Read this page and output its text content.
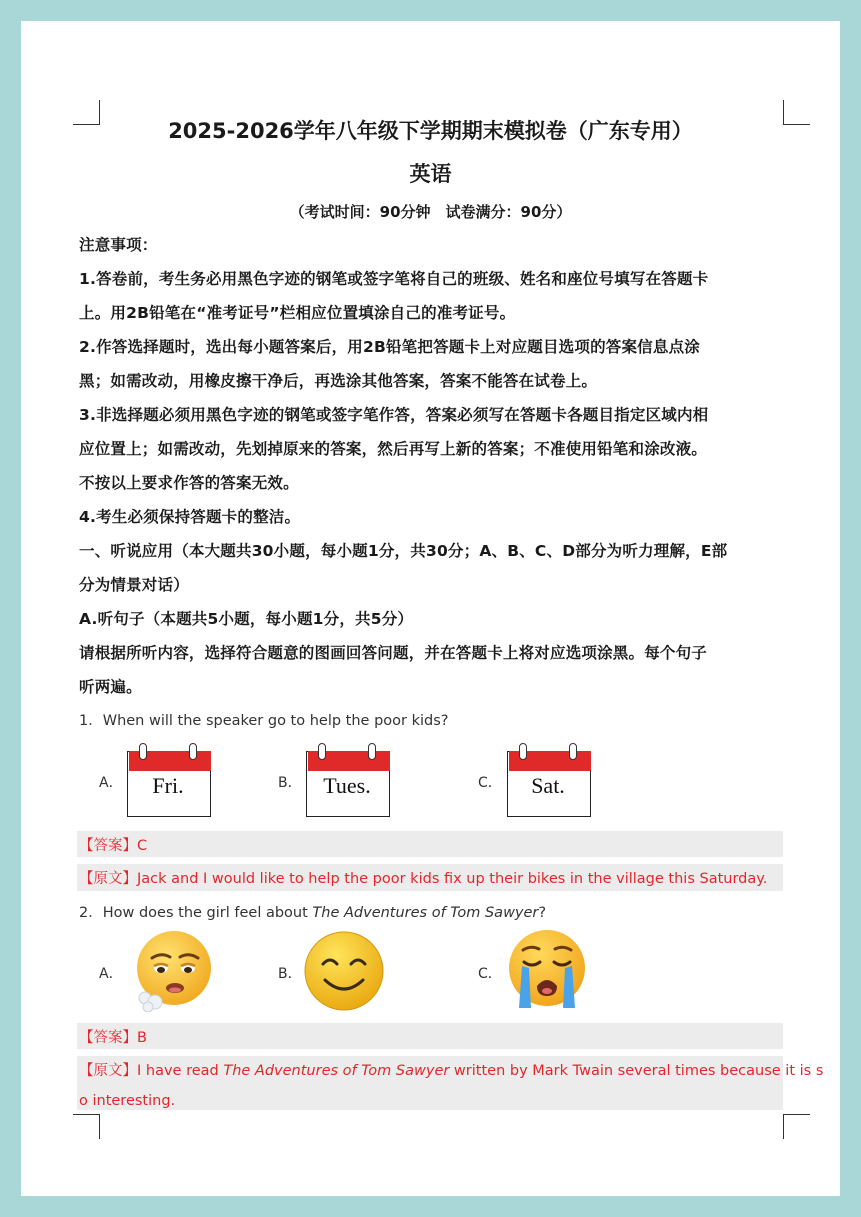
2025-2026学年八年级下学期期末模拟卷（广东专用）
英语
（考试时间：90分钟　试卷满分：90分）
注意事项：
1.答卷前，考生务必用黑色字迹的钢笔或签字笔将自己的班级、姓名和座位号填写在答题卡
上。用2B铅笔在“准考证号”栏相应位置填涂自己的准考证号。
2.作答选择题时，选出每小题答案后，用2B铅笔把答题卡上对应题目选项的答案信息点涂
黑；如需改动，用橡皮擦干净后，再选涂其他答案，答案不能答在试卷上。
3.非选择题必须用黑色字迹的钢笔或签字笔作答，答案必须写在答题卡各题目指定区域内相
应位置上；如需改动，先划掉原来的答案，然后再写上新的答案；不准使用铅笔和涂改液。
不按以上要求作答的答案无效。
4.考生必须保持答题卡的整洁。
一、听说应用（本大题共30小题，每小题1分，共30分；A、B、C、D部分为听力理解，E部
分为情景对话）
A.听句子（本题共5小题，每小题1分，共5分）
请根据所听内容，选择符合题意的图画回答问题，并在答题卡上将对应选项涂黑。每个句子
听两遍。
1．When will the speaker go to help the poor kids?
A．	Fri.	B． Tues.	C．	Sat.
【答案】C
【原文】Jack and I would like to help the poor kids fix up their bikes in the village this Saturday.
2．How does the girl feel about The Adventures of Tom Sawyer?
A．	B．	C．
【答案】B
【原文】I have read The Adventures of Tom Sawyer written by Mark Twain several times because it is s
o interesting.
